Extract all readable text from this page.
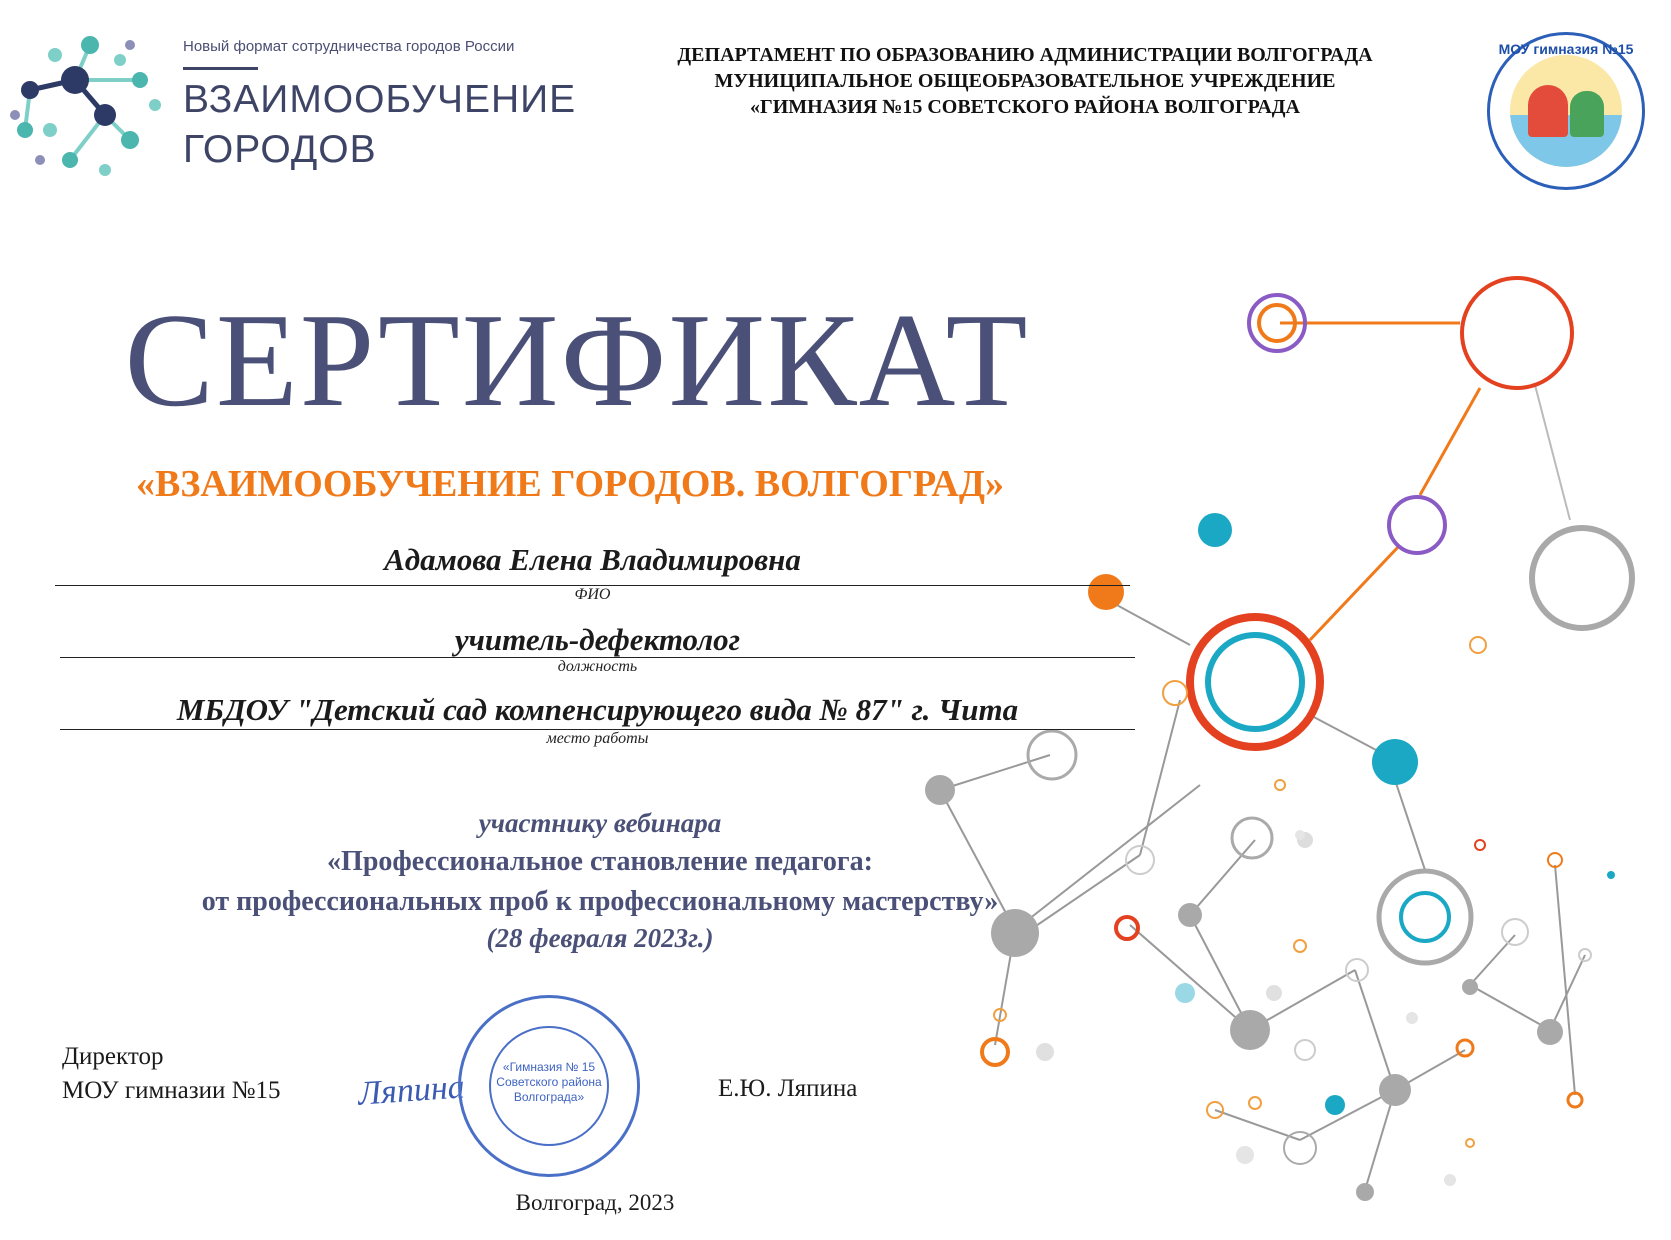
Новый формат сотрудничества городов России
ВЗАИМООБУЧЕНИЕ
ГОРОДОВ
ДЕПАРТАМЕНТ ПО ОБРАЗОВАНИЮ АДМИНИСТРАЦИИ ВОЛГОГРАДА
МУНИЦИПАЛЬНОЕ ОБЩЕОБРАЗОВАТЕЛЬНОЕ УЧРЕЖДЕНИЕ
«ГИМНАЗИЯ №15 СОВЕТСКОГО РАЙОНА ВОЛГОГРАДА
МОУ гимназия №15
СЕРТИФИКАТ
«ВЗАИМООБУЧЕНИЕ ГОРОДОВ. ВОЛГОГРАД»
Адамова Елена Владимировна
ФИО
учитель-дефектолог
должность
МБДОУ "Детский сад компенсирующего вида № 87" г. Чита
место работы
участнику вебинара
«Профессиональное становление педагога:
от профессиональных проб к профессиональному мастерству»
(28 февраля 2023г.)
Директор
МОУ гимназии №15 Ляпина
«Гимназия № 15
Советского района
Волгограда»	Е.Ю. Ляпина
Волгоград, 2023
